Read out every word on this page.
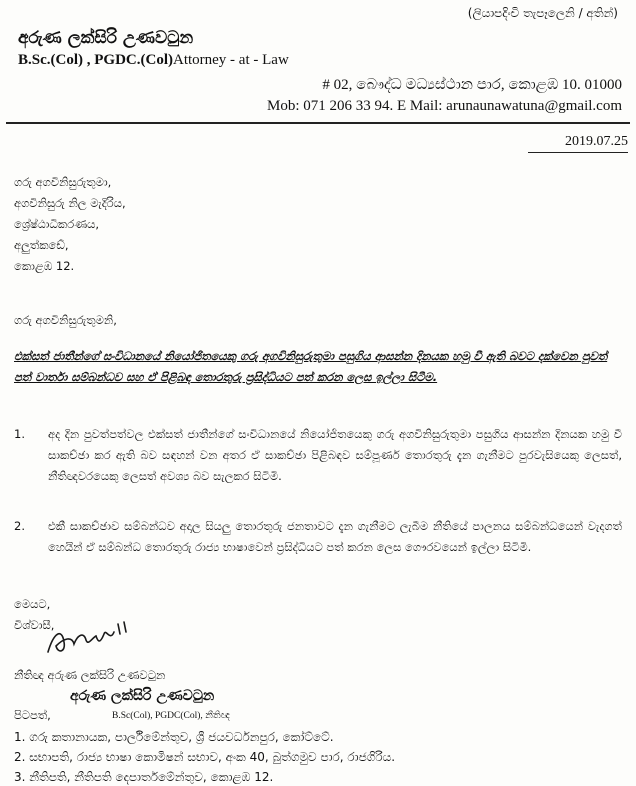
(ලියාපදිංචි තැපෑලෙනි / අතින්)
අරුණ ලක්සිරි උණවටුන
B.Sc.(Col) , PGDC.(Col)Attorney - at - Law
# 02, බෞද්ධ මධ්‍යස්ථාන පාර, කොළඹ 10. 01000
Mob: 071 206 33 94. E Mail: arunaunawatuna@gmail.com
2019.07.25
ගරු අගවිනිසුරුතුමා,
අගවිනිසුරු නිල මැදිරිය,
ශ්‍රේෂ්ඨාධිකරණය,
අලුත්කඩේ,
කොළඹ 12.
ගරු අගවිනිසුරුතුමනි,
එක්සත් ජාතීන්ගේ සංවිධානයේ නියෝජිතයෙකු ගරු අගවිනිසුරුතුමා පසුගිය ආසන්න දිනයක හමු වී ඇති බවට දක්වෙන පුවත් පත් වාර්තා සම්බන්ධව සහ ඒ පිළිබඳ තොරතුරු ප්‍රසිද්ධියට පත් කරන ලෙස ඉල්ලා සිටීම.
1.	අද දින පුවත්පත්වල එක්සත් ජාතීන්ගේ සංවිධානයේ නියෝජිතයෙකු ගරු අගවිනිසුරුතුමා පසුගිය ආසන්න දිනයක හමු වී සාකච්ඡා කර ඇති බව සඳහන් වන අතර ඒ සාකච්ඡා පිළිබඳව සම්පූර්ණ තොරතුරු දැන ගැනීමට පුරවැසියෙකු ලෙසත්, නීතිඥවරයෙකු ලෙසත් අවශ්‍ය බව සැලකර සිටිමි.
2.	එකී සාකච්ඡාව සම්බන්ධව අදාල සියලු තොරතුරු ජනතාවට දැන ගැනීමට ලැබීම නීතියේ පාලනය සම්බන්ධයෙන් වැදගත් හෙයින් ඒ සම්බන්ධ තොරතුරු රාජ්‍ය භාෂාවෙන් ප්‍රසිද්ධියට පත් කරන ලෙස ගෞරවයෙන් ඉල්ලා සිටිමි.
මෙයට,
විශ්වාසී,
නීතිඥ අරුණ ලක්සිරි උණවටුන
අරුණ ලක්සිරි උණවටුන
පිටපත්,	B.Sc(Col), PGDC(Col), නීතිඥ
1. ගරු කතානායක, පාර්ලිමේන්තුව, ශ්‍රී ජයවර්ධනපුර, කෝට්ටේ.
2. සභාපති, රාජ්‍ය භාෂා කොමිෂන් සභාව, අංක 40, බුත්ගමුව පාර, රාජගිරිය.
3. නීතිපති, නීතිපති දෙපාර්තමේන්තුව, කොළඹ 12.
